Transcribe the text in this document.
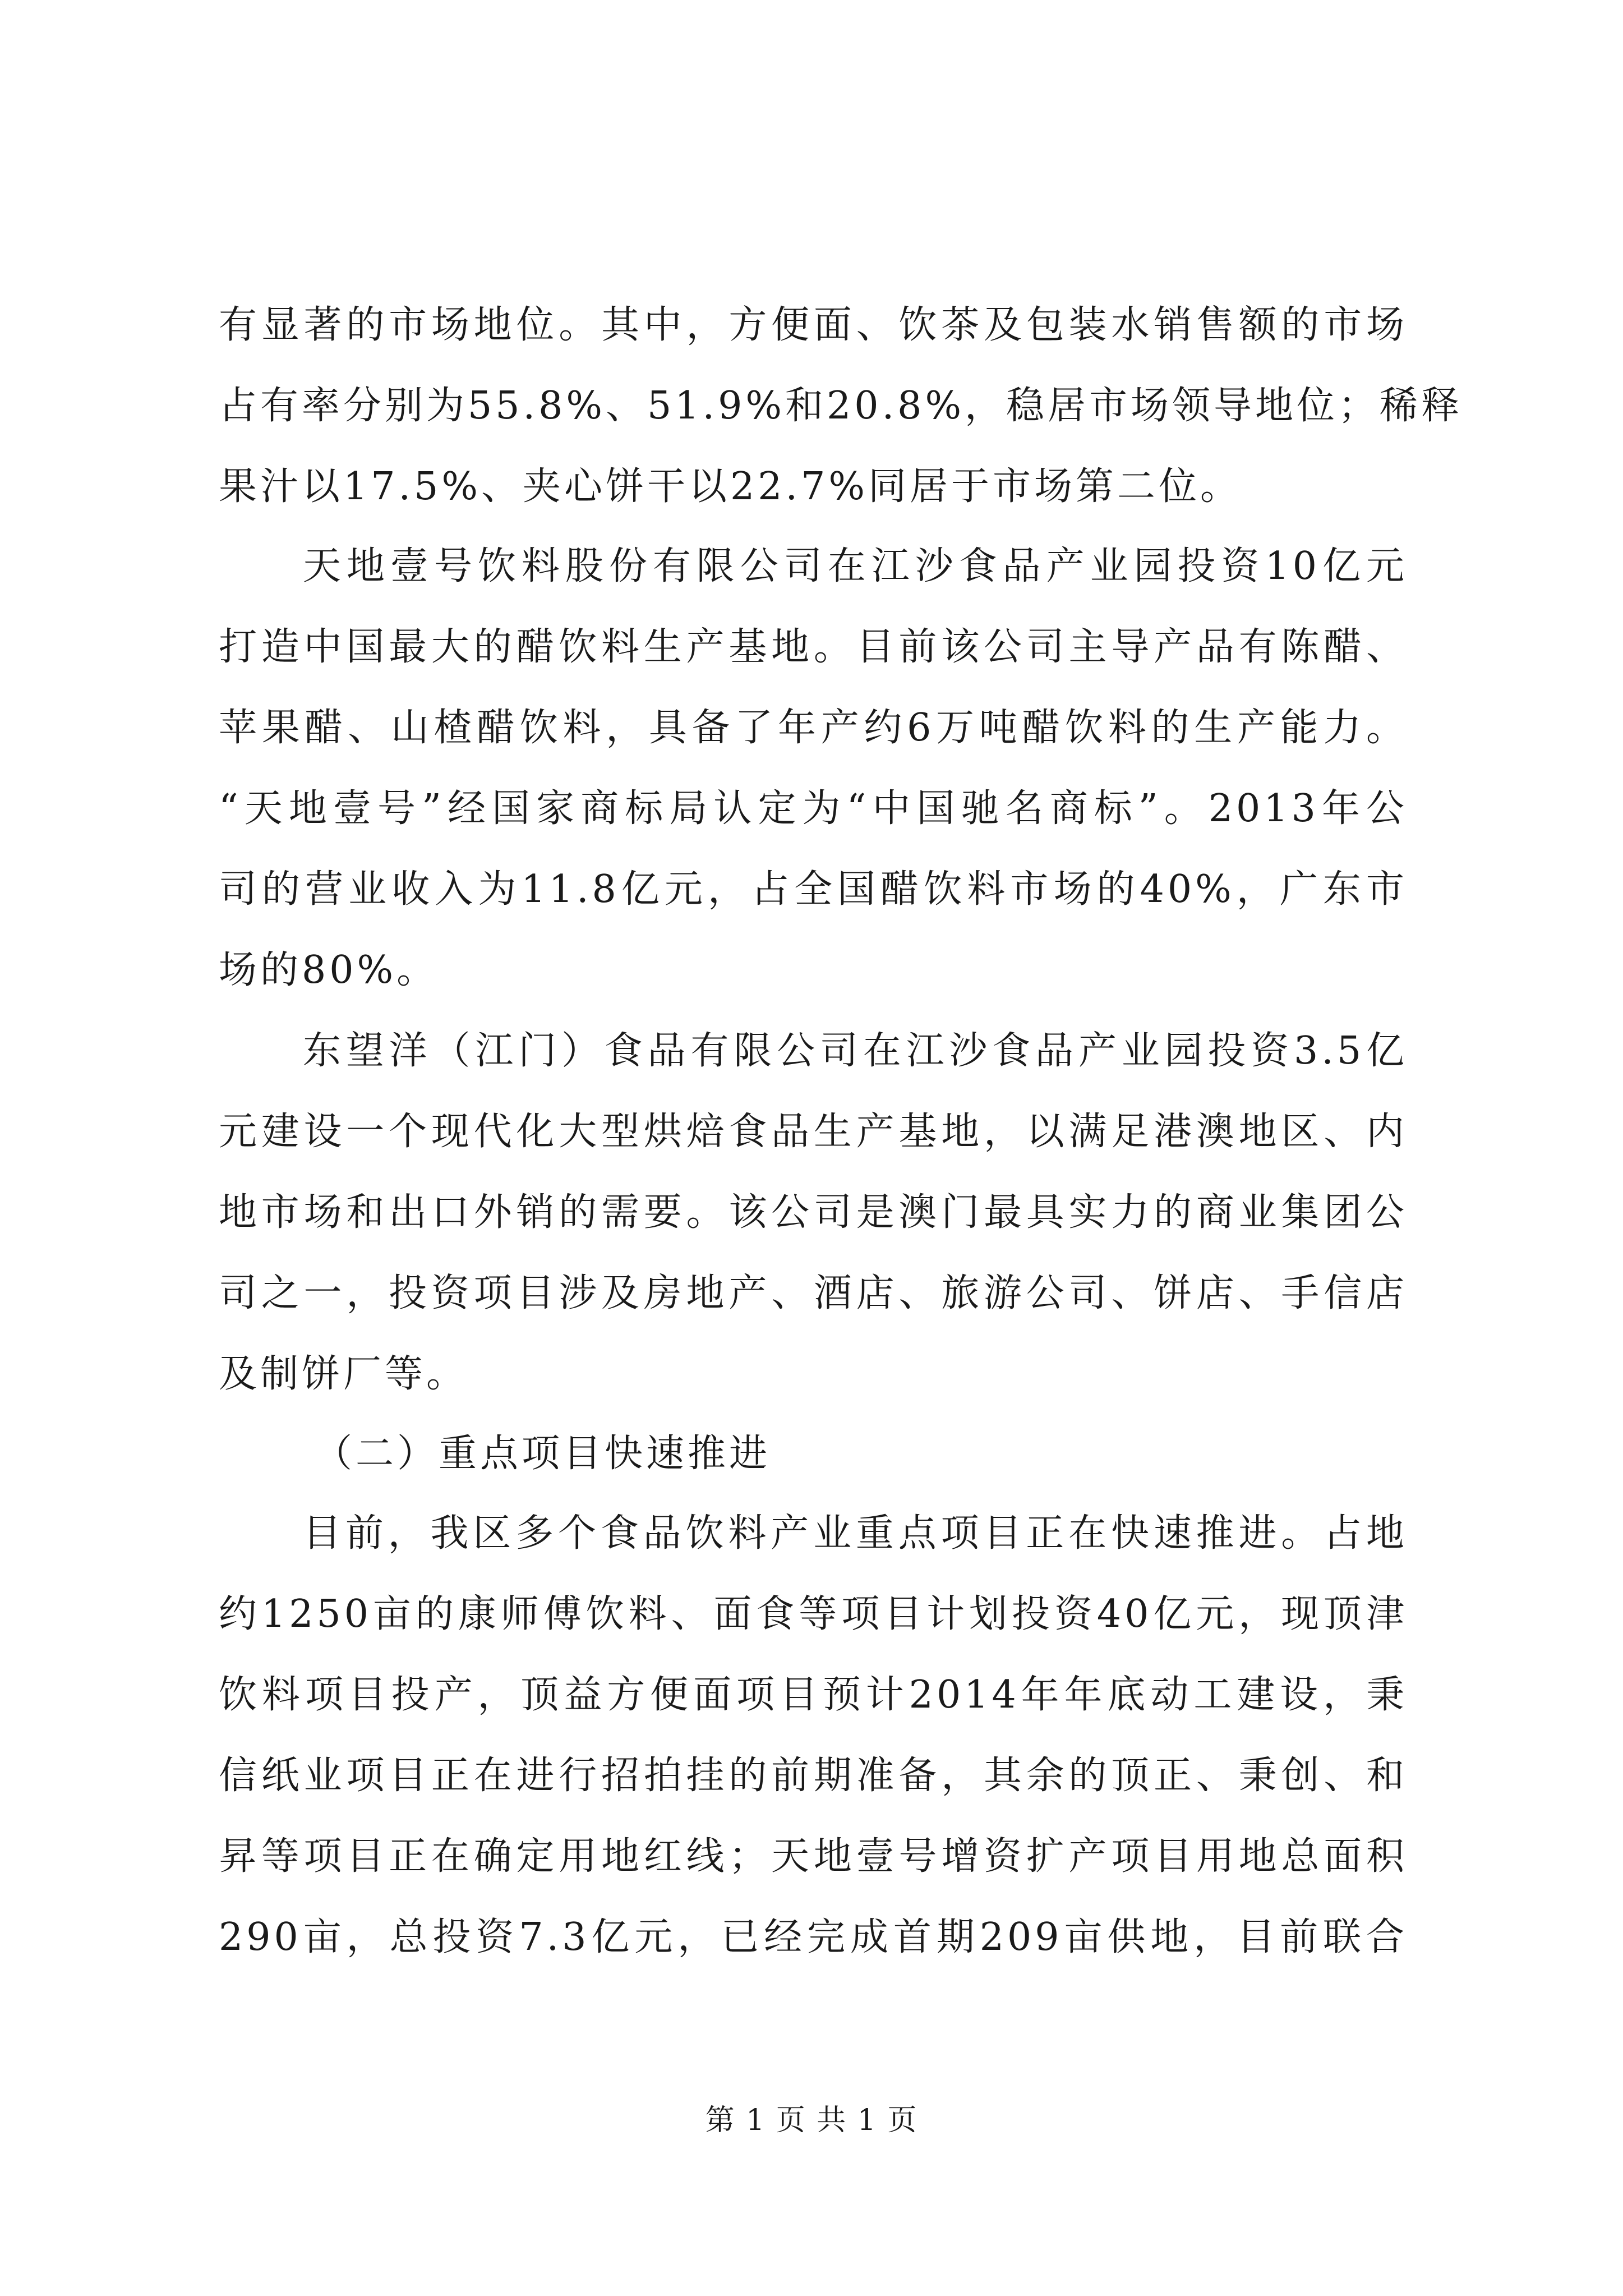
有显著的市场地位。其中，方便面、饮茶及包装水销售额的市场
占有率分别为55.8%、51.9%和20.8%，稳居市场领导地位；稀释
果汁以17.5%、夹心饼干以22.7%同居于市场第二位。
天地壹号饮料股份有限公司在江沙食品产业园投资10亿元
打造中国最大的醋饮料生产基地。目前该公司主导产品有陈醋、
苹果醋、山楂醋饮料，具备了年产约6万吨醋饮料的生产能力。
“天地壹号”经国家商标局认定为“中国驰名商标”。2013年公
司的营业收入为11.8亿元，占全国醋饮料市场的40%，广东市
场的80%。
东望洋（江门）食品有限公司在江沙食品产业园投资3.5亿
元建设一个现代化大型烘焙食品生产基地，以满足港澳地区、内
地市场和出口外销的需要。该公司是澳门最具实力的商业集团公
司之一，投资项目涉及房地产、酒店、旅游公司、饼店、手信店
及制饼厂等。
（二）重点项目快速推进
目前，我区多个食品饮料产业重点项目正在快速推进。占地
约1250亩的康师傅饮料、面食等项目计划投资40亿元，现顶津
饮料项目投产，顶益方便面项目预计2014年年底动工建设，秉
信纸业项目正在进行招拍挂的前期准备，其余的顶正、秉创、和
昇等项目正在确定用地红线；天地壹号增资扩产项目用地总面积
290亩，总投资7.3亿元，已经完成首期209亩供地，目前联合
第 1 页 共 1 页
